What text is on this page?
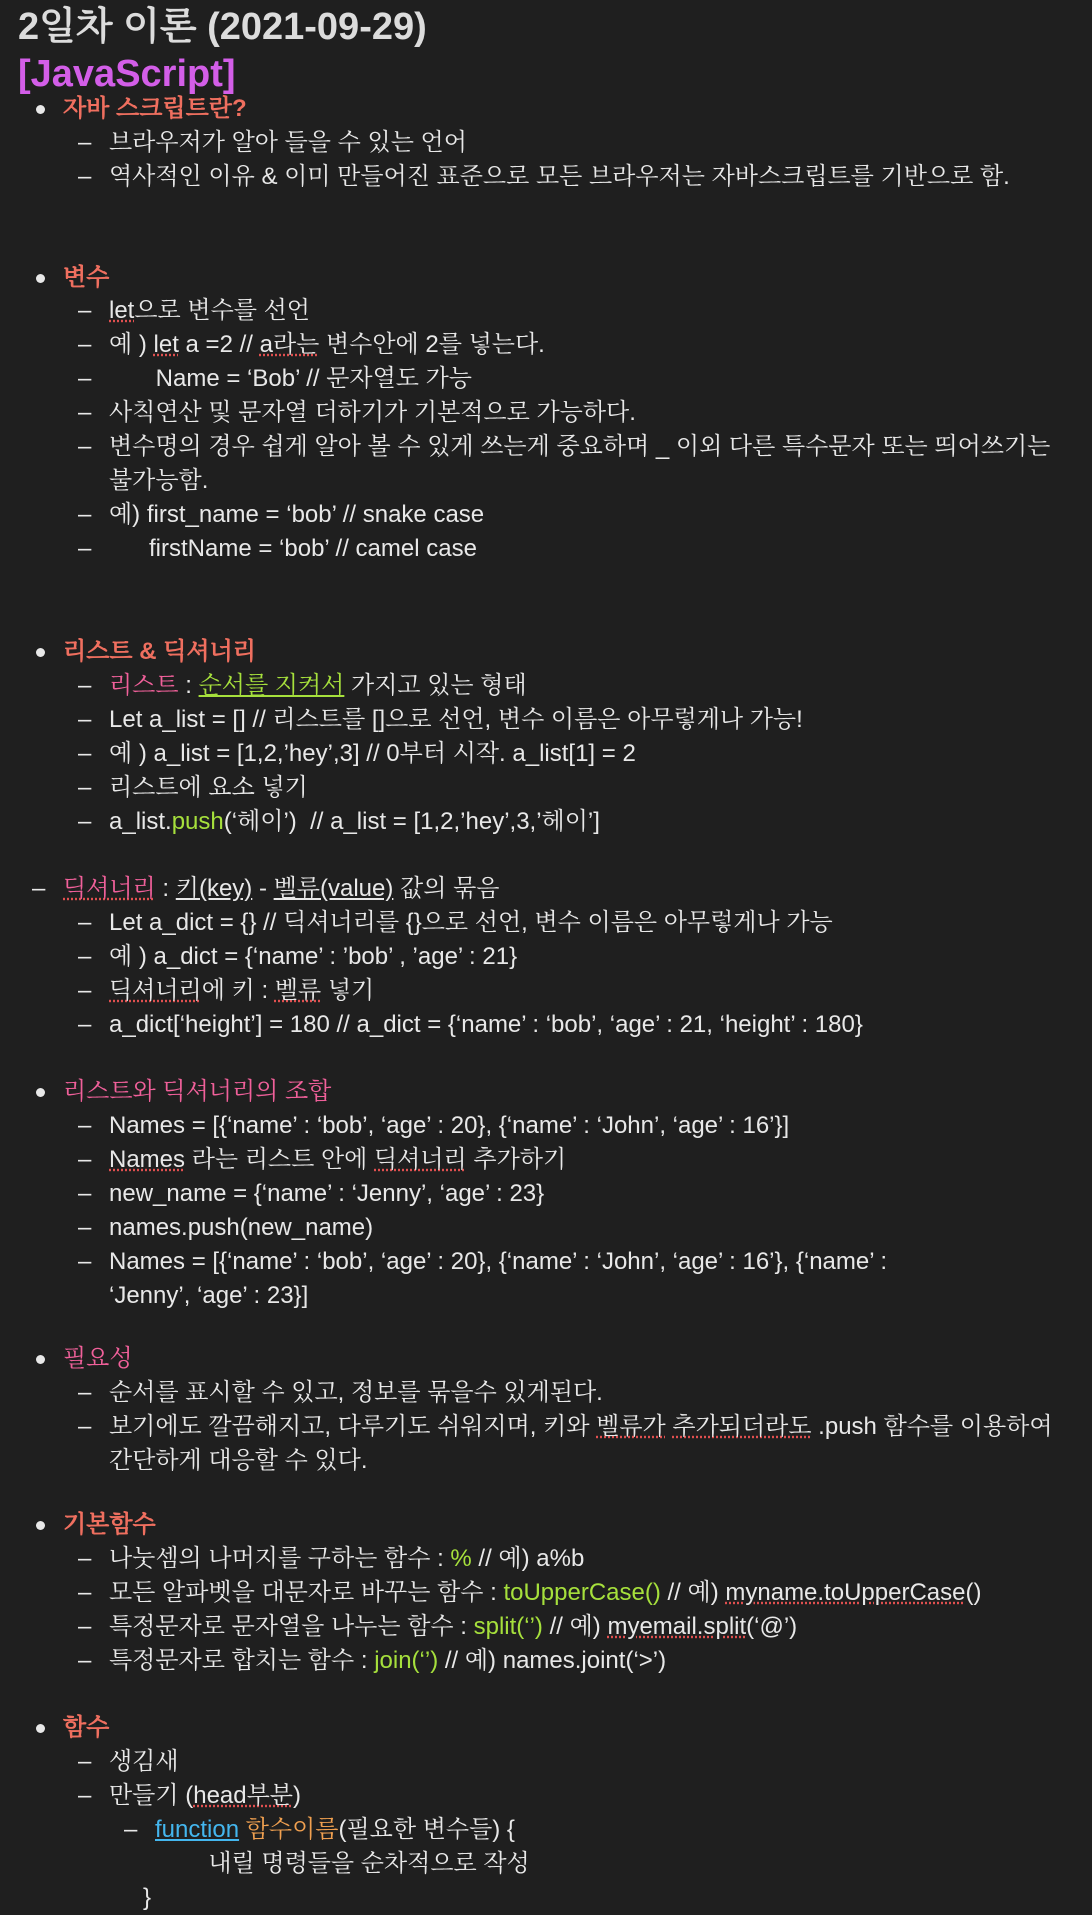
2일차 이론 (2021-09-29)
[JavaScript]
자바 스크립트란?
– 브라우저가 알아 들을 수 있는 언어
– 역사적인 이유 & 이미 만들어진 표준으로 모든 브라우저는 자바스크립트를 기반으로 함.
변수
– let으로 변수를 선언
– 예 ) let a =2 // a라는 변수안에 2를 넣는다.
– Name = ‘Bob’ // 문자열도 가능
– 사칙연산 및 문자열 더하기가 기본적으로 가능하다.
– 변수명의 경우 쉽게 알아 볼 수 있게 쓰는게 중요하며 _ 이외 다른 특수문자 또는 띄어쓰기는
불가능함.
– 예) first_name = ‘bob’ // snake case
– firstName = ‘bob’ // camel case
리스트 & 딕셔너리
– 리스트 : 순서를 지켜서 가지고 있는 형태
– Let a_list = [] // 리스트를 []으로 선언, 변수 이름은 아무렇게나 가능!
– 예 ) a_list = [1,2,’hey’,3] // 0부터 시작. a_list[1] = 2
– 리스트에 요소 넣기
– a_list.push(‘헤이’)  // a_list = [1,2,’hey’,3,’헤이’]
– 딕셔너리 : 키(key) - 벨류(value) 값의 묶음
– Let a_dict = {} // 딕셔너리를 {}으로 선언, 변수 이름은 아무렇게나 가능
– 예 ) a_dict = {‘name’ : ’bob’ , ’age’ : 21}
– 딕셔너리에 키 : 벨류 넣기
– a_dict[‘height’] = 180 // a_dict = {‘name’ : ‘bob’, ‘age’ : 21, ‘height’ : 180}
리스트와 딕셔너리의 조합
– Names = [{‘name’ : ‘bob’, ‘age’ : 20}, {‘name’ : ‘John’, ‘age’ : 16’}]
– Names 라는 리스트 안에 딕셔너리 추가하기
– new_name = {‘name’ : ‘Jenny’, ‘age’ : 23}
– names.push(new_name)
– Names = [{‘name’ : ‘bob’, ‘age’ : 20}, {‘name’ : ‘John’, ‘age’ : 16’}, {‘name’ :
‘Jenny’, ‘age’ : 23}]
필요성
– 순서를 표시할 수 있고, 정보를 묶을수 있게된다.
– 보기에도 깔끔해지고, 다루기도 쉬워지며, 키와 벨류가 추가되더라도 .push 함수를 이용하여
간단하게 대응할 수 있다.
기본함수
– 나눗셈의 나머지를 구하는 함수 : % // 예) a%b
– 모든 알파벳을 대문자로 바꾸는 함수 : toUpperCase() // 예) myname.toUpperCase()
– 특정문자로 문자열을 나누는 함수 : split(‘’) // 예) myemail.split(‘@’)
– 특정문자로 합치는 함수 : join(‘’) // 예) names.joint(‘>’)
함수
– 생김새
– 만들기 (head부분)
– function 함수이름(필요한 변수들) {
내릴 명령들을 순차적으로 작성
}
